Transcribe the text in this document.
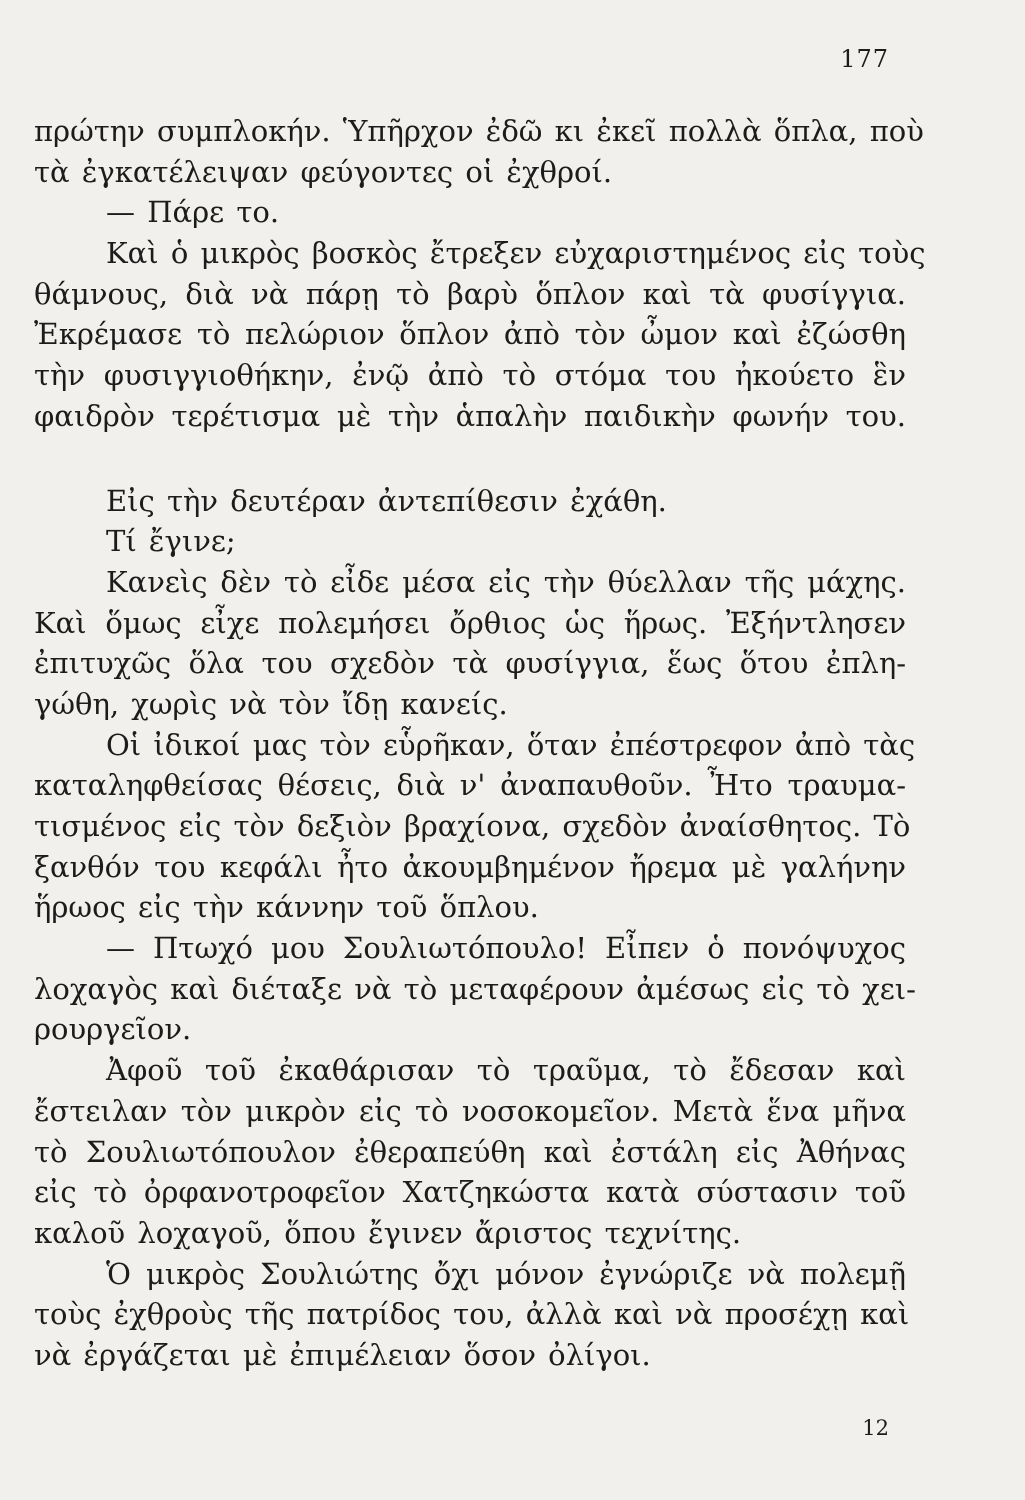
177
πρώτην συμπλοκήν. Ὑπῆρχον ἐδῶ κι ἐκεῖ πολλὰ ὅπλα, ποὺ
τὰ ἐγκατέλειψαν φεύγοντες οἱ ἐχθροί.
— Πάρε το.
Καὶ ὁ μικρὸς βοσκὸς ἔτρεξεν εὐχαριστημένος εἰς τοὺς
θάμνους, διὰ νὰ πάρῃ τὸ βαρὺ ὅπλον καὶ τὰ φυσίγγια.
Ἐκρέμασε τὸ πελώριον ὅπλον ἀπὸ τὸν ὦμον καὶ ἐζώσθη
τὴν φυσιγγιοθήκην, ἐνῷ ἀπὸ τὸ στόμα του ἠκούετο ἓν
φαιδρὸν τερέτισμα μὲ τὴν ἁπαλὴν παιδικὴν φωνήν του.
Εἰς τὴν δευτέραν ἀντεπίθεσιν ἐχάθη.
Τί ἔγινε;
Κανεὶς δὲν τὸ εἶδε μέσα εἰς τὴν θύελλαν τῆς μάχης.
Καὶ ὅμως εἶχε πολεμήσει ὄρθιος ὡς ἥρως. Ἐξήντλησεν
ἐπιτυχῶς ὅλα του σχεδὸν τὰ φυσίγγια, ἕως ὅτου ἐπλη-
γώθη, χωρὶς νὰ τὸν ἴδῃ κανείς.
Οἱ ἰδικοί μας τὸν εὗρῆκαν, ὅταν ἐπέστρεφον ἀπὸ τὰς
καταληφθείσας θέσεις, διὰ ν' ἀναπαυθοῦν. Ἦτο τραυμα-
τισμένος εἰς τὸν δεξιὸν βραχίονα, σχεδὸν ἀναίσθητος. Τὸ
ξανθόν του κεφάλι ἦτο ἀκουμβημένον ἤρεμα μὲ γαλήνην
ἥρωος εἰς τὴν κάννην τοῦ ὅπλου.
— Πτωχό μου Σουλιωτόπουλο! Εἶπεν ὁ πονόψυχος
λοχαγὸς καὶ διέταξε νὰ τὸ μεταφέρουν ἀμέσως εἰς τὸ χει-
ρουργεῖον.
Ἀφοῦ τοῦ ἐκαθάρισαν τὸ τραῦμα, τὸ ἔδεσαν καὶ
ἔστειλαν τὸν μικρὸν εἰς τὸ νοσοκομεῖον. Μετὰ ἕνα μῆνα
τὸ Σουλιωτόπουλον ἐθεραπεύθη καὶ ἐστάλη εἰς Ἀθήνας
εἰς τὸ ὀρφανοτροφεῖον Χατζηκώστα κατὰ σύστασιν τοῦ
καλοῦ λοχαγοῦ, ὅπου ἔγινεν ἄριστος τεχνίτης.
Ὁ μικρὸς Σουλιώτης ὄχι μόνον ἐγνώριζε νὰ πολεμῇ
τοὺς ἐχθροὺς τῆς πατρίδος του, ἀλλὰ καὶ νὰ προσέχῃ καὶ
νὰ ἐργάζεται μὲ ἐπιμέλειαν ὅσον ὀλίγοι.
12
